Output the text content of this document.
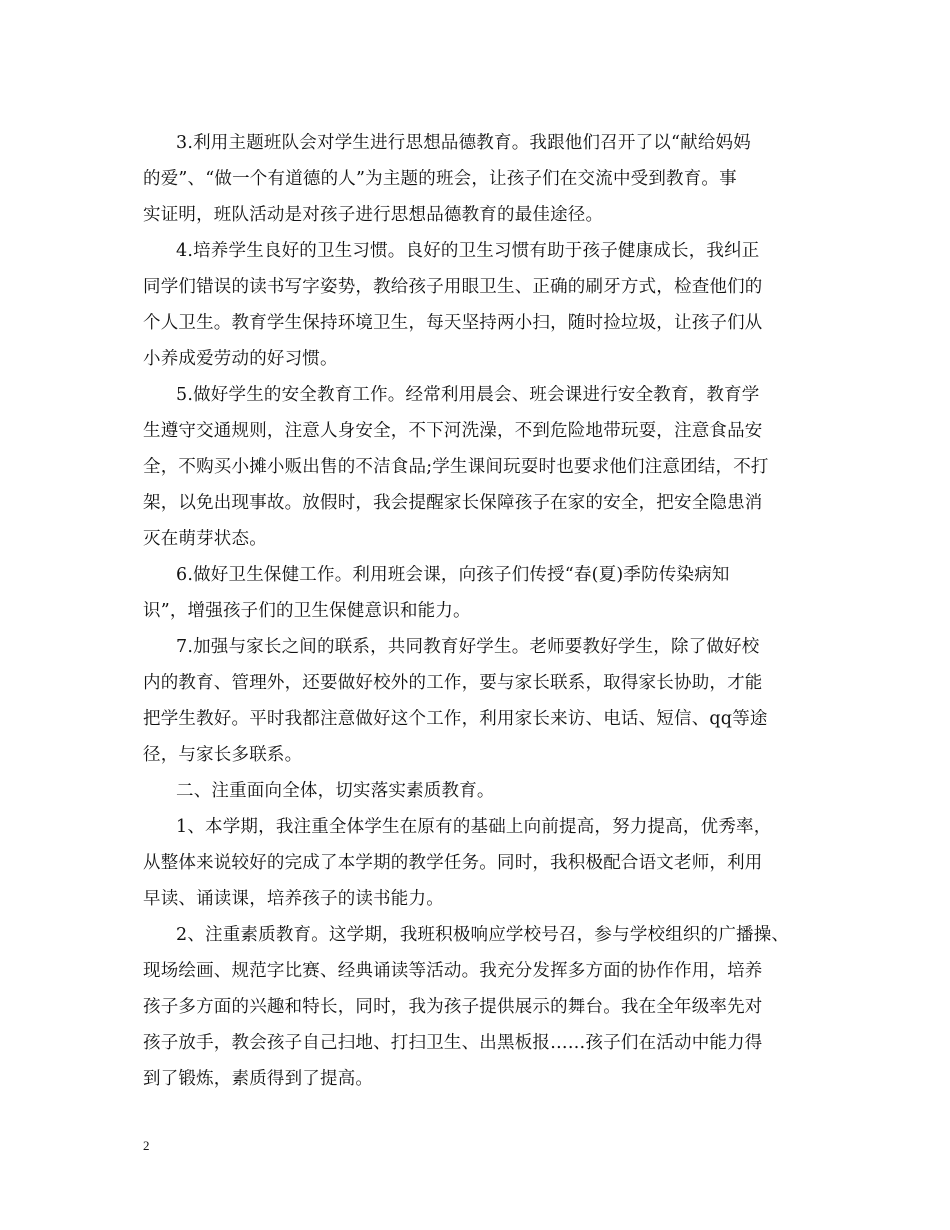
3.利用主题班队会对学生进行思想品德教育。我跟他们召开了以“献给妈妈
的爱”、“做一个有道德的人”为主题的班会，让孩子们在交流中受到教育。事
实证明，班队活动是对孩子进行思想品德教育的最佳途径。
4.培养学生良好的卫生习惯。良好的卫生习惯有助于孩子健康成长，我纠正
同学们错误的读书写字姿势，教给孩子用眼卫生、正确的刷牙方式，检查他们的
个人卫生。教育学生保持环境卫生，每天坚持两小扫，随时捡垃圾，让孩子们从
小养成爱劳动的好习惯。
5.做好学生的安全教育工作。经常利用晨会、班会课进行安全教育，教育学
生遵守交通规则，注意人身安全，不下河洗澡，不到危险地带玩耍，注意食品安
全，不购买小摊小贩出售的不洁食品;学生课间玩耍时也要求他们注意团结，不打
架，以免出现事故。放假时，我会提醒家长保障孩子在家的安全，把安全隐患消
灭在萌芽状态。
6.做好卫生保健工作。利用班会课，向孩子们传授“春(夏)季防传染病知
识”，增强孩子们的卫生保健意识和能力。
7.加强与家长之间的联系，共同教育好学生。老师要教好学生，除了做好校
内的教育、管理外，还要做好校外的工作，要与家长联系，取得家长协助，才能
把学生教好。平时我都注意做好这个工作，利用家长来访、电话、短信、qq等途
径，与家长多联系。
二、注重面向全体，切实落实素质教育。
1、本学期，我注重全体学生在原有的基础上向前提高，努力提高，优秀率，
从整体来说较好的完成了本学期的教学任务。同时，我积极配合语文老师，利用
早读、诵读课，培养孩子的读书能力。
2、注重素质教育。这学期，我班积极响应学校号召，参与学校组织的广播操、
现场绘画、规范字比赛、经典诵读等活动。我充分发挥多方面的协作作用，培养
孩子多方面的兴趣和特长，同时，我为孩子提供展示的舞台。我在全年级率先对
孩子放手，教会孩子自己扫地、打扫卫生、出黑板报……孩子们在活动中能力得
到了锻炼，素质得到了提高。
2
